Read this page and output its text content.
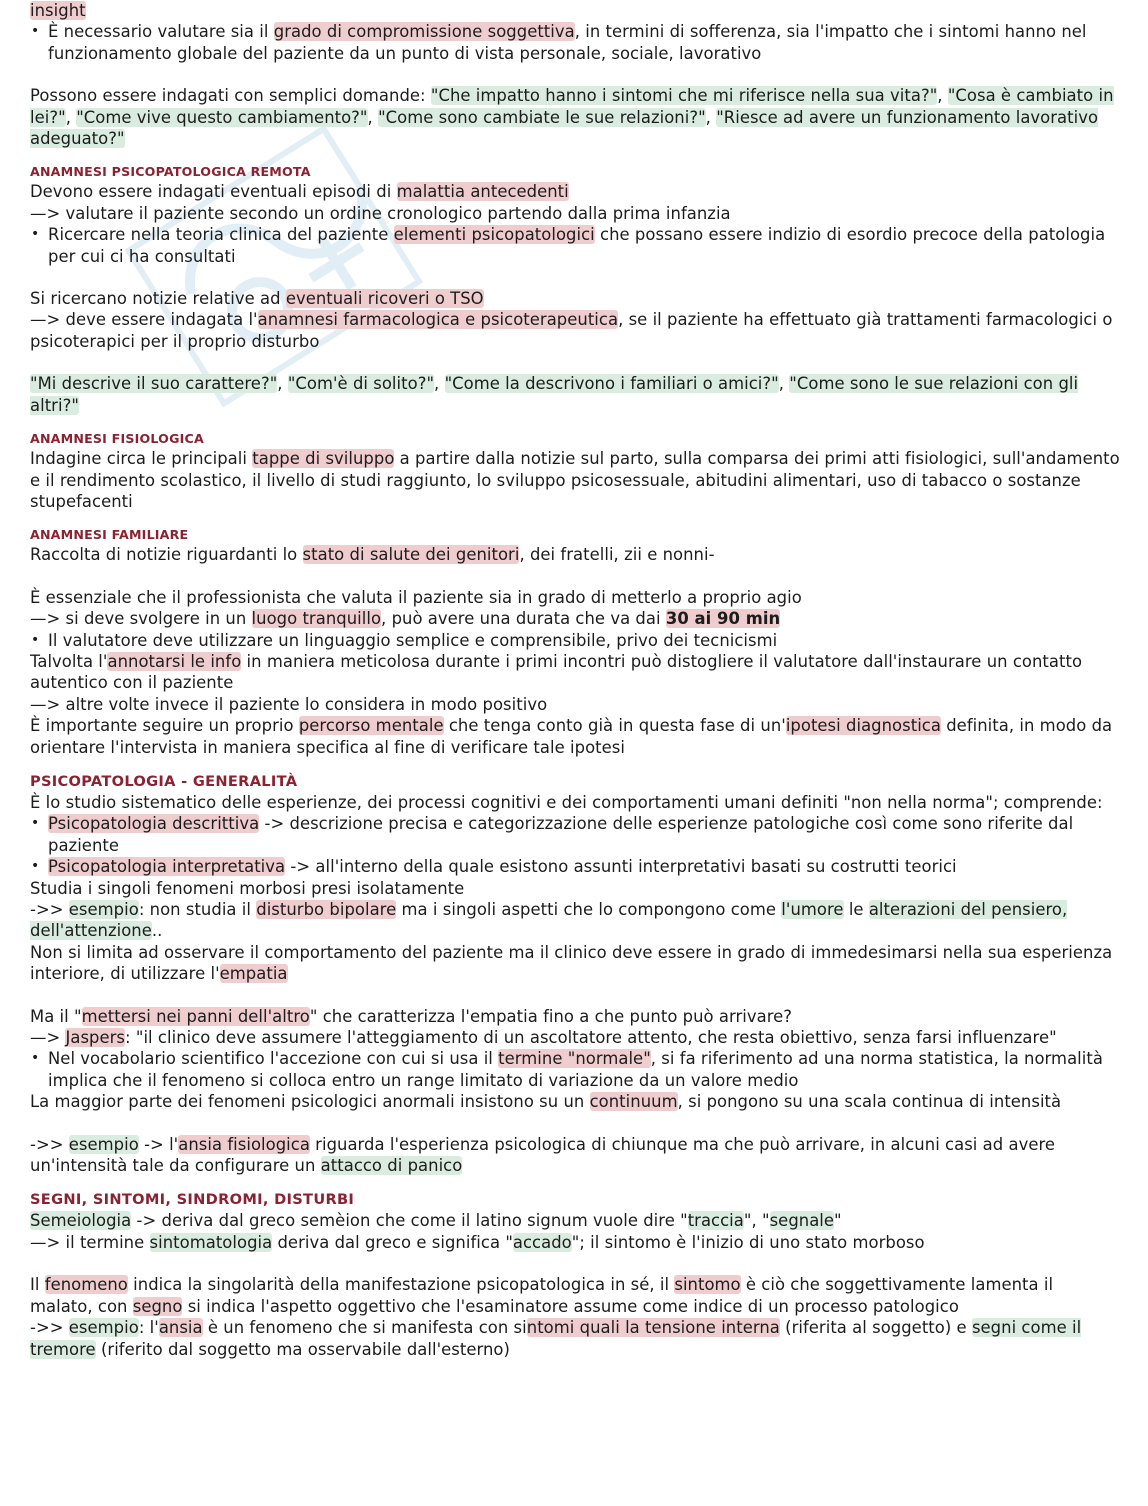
insight

• È necessario valutare sia il grado di compromissione soggettiva, in termini di sofferenza, sia l'impatto che i sintomi hanno nel funzionamento globale del paziente da un punto di vista personale, sociale, lavorativo

Possono essere indagati con semplici domande: "Che impatto hanno i sintomi che mi riferisce nella sua vita?", "Cosa è cambiato in lei?", "Come vive questo cambiamento?", "Come sono cambiate le sue relazioni?", "Riesce ad avere un funzionamento lavorativo adeguato?"

ANAMNESI PSICOPATOLOGICA REMOTA

Devono essere indagati eventuali episodi di malattia antecedenti

—> valutare il paziente secondo un ordine cronologico partendo dalla prima infanzia

• Ricercare nella teoria clinica del paziente elementi psicopatologici che possano essere indizio di esordio precoce della patologia per cui ci ha consultati

Si ricercano notizie relative ad eventuali ricoveri o TSO

—> deve essere indagata l'anamnesi farmacologica e psicoterapeutica, se il paziente ha effettuato già trattamenti farmacologici o psicoterapici per il proprio disturbo

"Mi descrive il suo carattere?", "Com'è di solito?", "Come la descrivono i familiari o amici?", "Come sono le sue relazioni con gli altri?"

ANAMNESI FISIOLOGICA

Indagine circa le principali tappe di sviluppo a partire dalla notizie sul parto, sulla comparsa dei primi atti fisiologici, sull'andamento e il rendimento scolastico, il livello di studi raggiunto, lo sviluppo psicosessuale, abitudini alimentari, uso di tabacco o sostanze stupefacenti

ANAMNESI FAMILIARE

Raccolta di notizie riguardanti lo stato di salute dei genitori, dei fratelli, zii e nonni-

È essenziale che il professionista che valuta il paziente sia in grado di metterlo a proprio agio

—> si deve svolgere in un luogo tranquillo, può avere una durata che va dai 30 ai 90 min

• Il valutatore deve utilizzare un linguaggio semplice e comprensibile, privo dei tecnicismi

Talvolta l'annotarsi le info in maniera meticolosa durante i primi incontri può distogliere il valutatore dall'instaurare un contatto autentico con il paziente

—> altre volte invece il paziente lo considera in modo positivo

È importante seguire un proprio percorso mentale che tenga conto già in questa fase di un'ipotesi diagnostica definita, in modo da orientare l'intervista in maniera specifica al fine di verificare tale ipotesi

PSICOPATOLOGIA - GENERALITÀ

È lo studio sistematico delle esperienze, dei processi cognitivi e dei comportamenti umani definiti "non nella norma"; comprende:

• Psicopatologia descrittiva -> descrizione precisa e categorizzazione delle esperienze patologiche così come sono riferite dal paziente

• Psicopatologia interpretativa -> all'interno della quale esistono assunti interpretativi basati su costrutti teorici

Studia i singoli fenomeni morbosi presi isolatamente

->> esempio: non studia il disturbo bipolare ma i singoli aspetti che lo compongono come l'umore le alterazioni del pensiero, dell'attenzione..

Non si limita ad osservare il comportamento del paziente ma il clinico deve essere in grado di immedesimarsi nella sua esperienza interiore, di utilizzare l'empatia

Ma il "mettersi nei panni dell'altro" che caratterizza l'empatia fino a che punto può arrivare?

—> Jaspers: "il clinico deve assumere l'atteggiamento di un ascoltatore attento, che resta obiettivo, senza farsi influenzare"

• Nel vocabolario scientifico l'accezione con cui si usa il termine "normale", si fa riferimento ad una norma statistica, la normalità implica che il fenomeno si colloca entro un range limitato di variazione da un valore medio

La maggior parte dei fenomeni psicologici anormali insistono su un continuum, si pongono su una scala continua di intensità

->> esempio -> l'ansia fisiologica riguarda l'esperienza psicologica di chiunque ma che può arrivare, in alcuni casi ad avere un'intensità tale da configurare un attacco di panico

SEGNI, SINTOMI, SINDROMI, DISTURBI

Semeiologia -> deriva dal greco semèion che come il latino signum vuole dire "traccia", "segnale"

—> il termine sintomatologia deriva dal greco e significa "accado"; il sintomo è l'inizio di uno stato morboso

Il fenomeno indica la singolarità della manifestazione psicopatologica in sé, il sintomo è ciò che soggettivamente lamenta il malato, con segno si indica l'aspetto oggettivo che l'esaminatore assume come indice di un processo patologico

->> esempio: l'ansia è un fenomeno che si manifesta con sintomi quali la tensione interna (riferita al soggetto) e segni come il tremore (riferito dal soggetto ma osservabile dall'esterno)
